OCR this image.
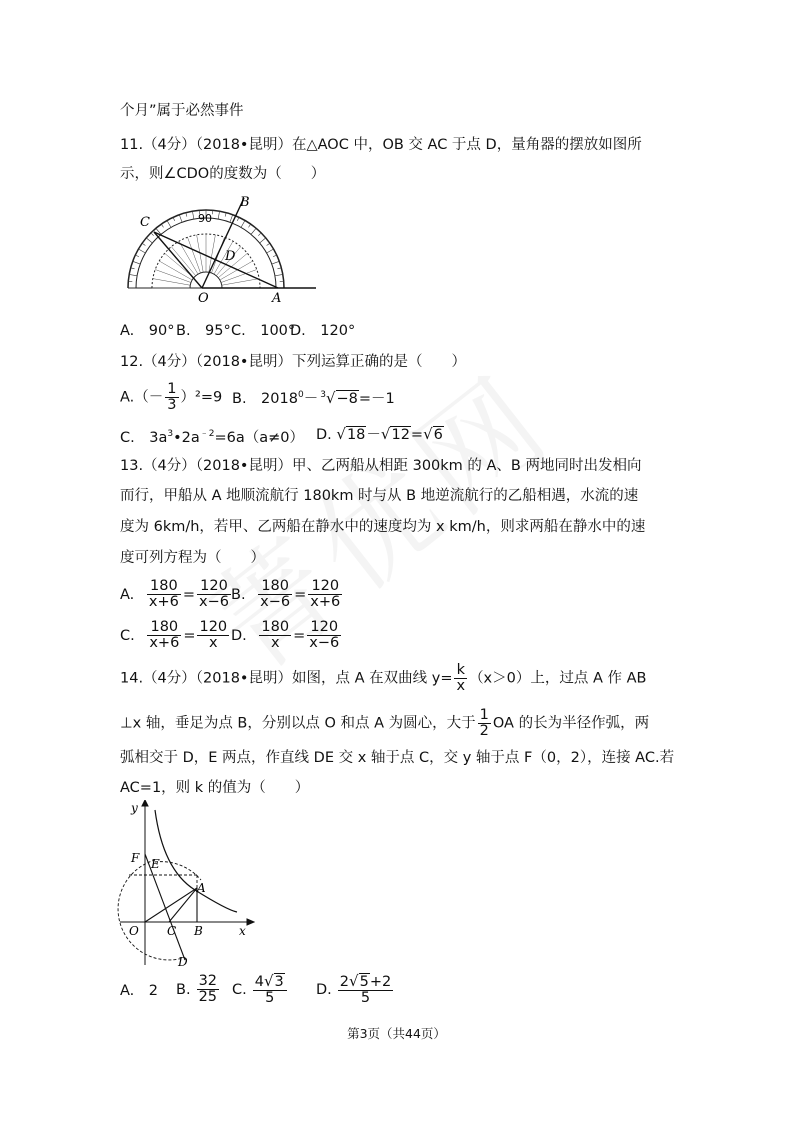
个月”属于必然事件
11.（4分）（2018•昆明）在△AOC 中，OB 交 AC 于点 D，量角器的摆放如图所
示，则∠CDO的度数为（　　）
C
B
D
O	A
90
A.　90° B.　95° C.　100°
D.　120°
12.（4分）（2018•昆明）下列运算正确的是（　　）
$A.(- \frac{1}{3} )^2=9$ B.　$2018^0- ^3√-8=-1$
C.　$3a^3•2a^{﹣2}=6a(a\ne 0)$ D. √18－√12=√6
13.（4分）（2018•昆明）甲、乙两船从相距 300km 的 A、B 两地同时出发相向
而行，甲船从 A 地顺流航行 180km 时与从 B 地逆流航行的乙船相遇，水流的速
度为 6km/h，若甲、乙两船在静水中的速度均为 x km/h，则求两船在静水中的速
度可列方程为（　　）
A. $\frac{180}{x+6} = \frac{120}{x-6} B$. $\frac{180}{x-6} = \frac{120}{x+6}$
C. $\frac{180}{x+6} = \frac{120}{x} D$. $\frac{180}{x} = \frac{120}{x-6}$
14.（4分）（2018•昆明）如图，点 A 在双曲线 $y= \frac{k}{x} (x>0)$上，过点 A 作 AB
⊥x 轴，垂足为点 B，分别以点 O 和点 A 为圆心，大于 $\frac{1}{2}$ OA 的长为半径作弧，两
弧相交于 D，E 两点，作直线 DE 交 x 轴于点 C，交 y 轴于点 F（0，2），连接 AC.若
AC=1，则 k 的值为（　　）
y
F E
A
O C B
D
x
A.　2 B. $\frac{32}{25} C$. $\frac{4√3}{5} D$. $\frac{2√5+2}{5}$
第3页（共44页）
